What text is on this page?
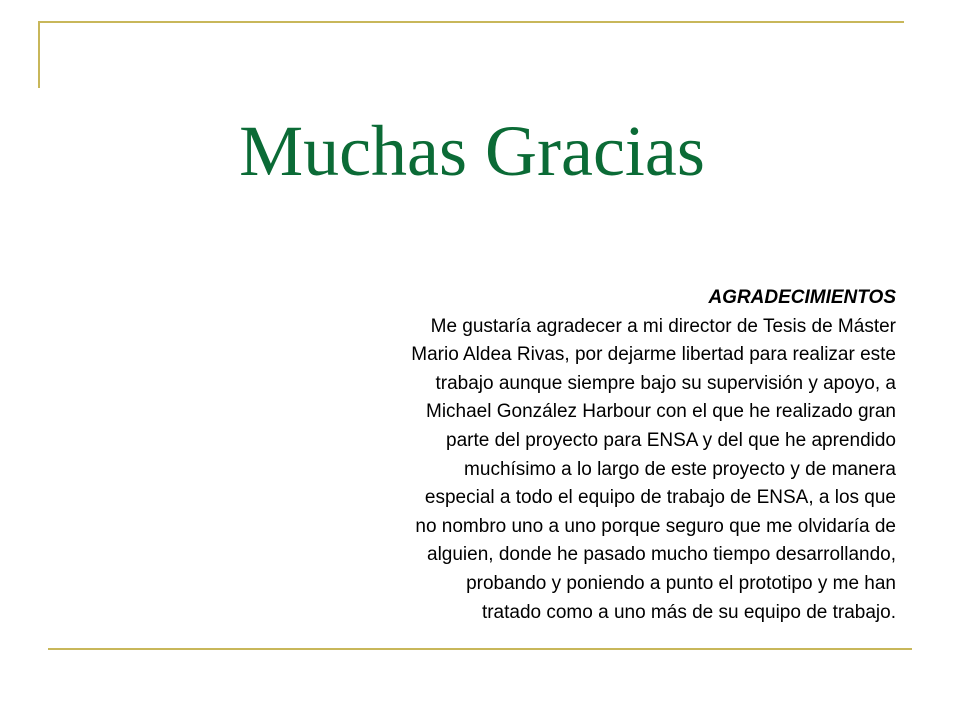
Muchas Gracias
AGRADECIMIENTOS
Me gustaría agradecer a mi director de Tesis de Máster
Mario Aldea Rivas, por dejarme libertad para realizar este
trabajo aunque siempre bajo su supervisión y apoyo, a
Michael González Harbour con el que he realizado gran
parte del proyecto para ENSA y del que he aprendido
muchísimo a lo largo de este proyecto y de manera
especial a todo el equipo de trabajo de ENSA, a los que
no nombro uno a uno porque seguro que me olvidaría de
alguien, donde he pasado mucho tiempo desarrollando,
probando y poniendo a punto el prototipo y me han
tratado como a uno más de su equipo de trabajo.
